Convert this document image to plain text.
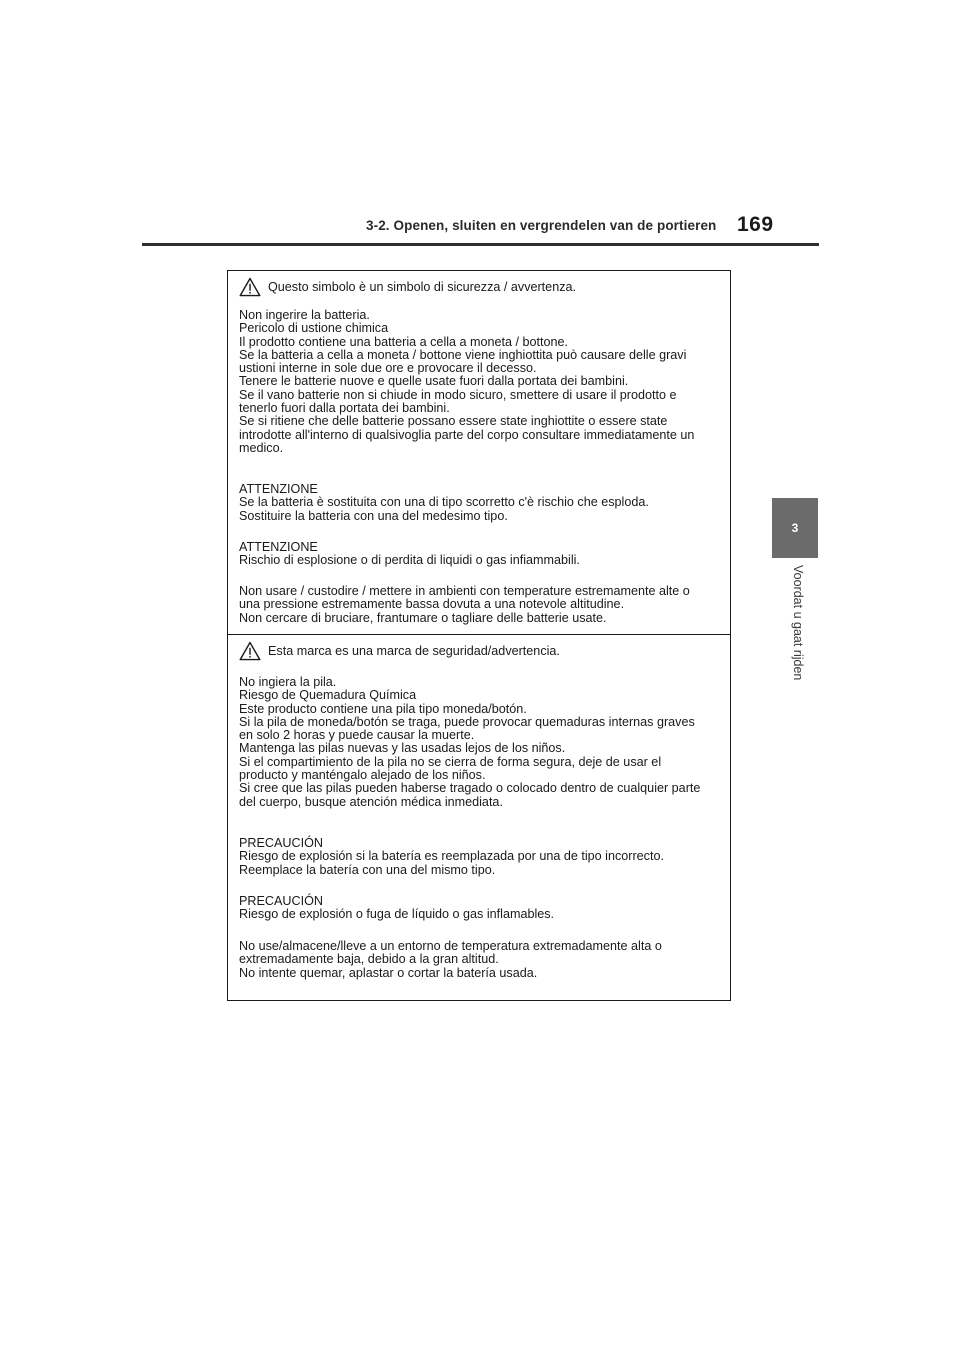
3-2. Openen, sluiten en vergrendelen van de portieren 169
3
Voordat u gaat rijden
Questo simbolo è un simbolo di sicurezza / avvertenza.
Non ingerire la batteria.
Pericolo di ustione chimica
Il prodotto contiene una batteria a cella a moneta / bottone.
Se la batteria a cella a moneta / bottone viene inghiottita può causare delle gravi
ustioni interne in sole due ore e provocare il decesso.
Tenere le batterie nuove e quelle usate fuori dalla portata dei bambini.
Se il vano batterie non si chiude in modo sicuro, smettere di usare il prodotto e
tenerlo fuori dalla portata dei bambini.
Se si ritiene che delle batterie possano essere state inghiottite o essere state
introdotte all'interno di qualsivoglia parte del corpo consultare immediatamente un
medico.
ATTENZIONE
Se la batteria è sostituita con una di tipo scorretto c'è rischio che esploda.
Sostituire la batteria con una del medesimo tipo.
ATTENZIONE
Rischio di esplosione o di perdita di liquidi o gas infiammabili.
Non usare / custodire / mettere in ambienti con temperature estremamente alte o
una pressione estremamente bassa dovuta a una notevole altitudine.
Non cercare di bruciare, frantumare o tagliare delle batterie usate.
Esta marca es una marca de seguridad/advertencia.
No ingiera la pila.
Riesgo de Quemadura Química
Este producto contiene una pila tipo moneda/botón.
Si la pila de moneda/botón se traga, puede provocar quemaduras internas graves
en solo 2 horas y puede causar la muerte.
Mantenga las pilas nuevas y las usadas lejos de los niños.
Si el compartimiento de la pila no se cierra de forma segura, deje de usar el
producto y manténgalo alejado de los niños.
Si cree que las pilas pueden haberse tragado o colocado dentro de cualquier parte
del cuerpo, busque atención médica inmediata.
PRECAUCIÓN
Riesgo de explosión si la batería es reemplazada por una de tipo incorrecto.
Reemplace la batería con una del mismo tipo.
PRECAUCIÓN
Riesgo de explosión o fuga de líquido o gas inflamables.
No use/almacene/lleve a un entorno de temperatura extremadamente alta o
extremadamente baja, debido a la gran altitud.
No intente quemar, aplastar o cortar la batería usada.
